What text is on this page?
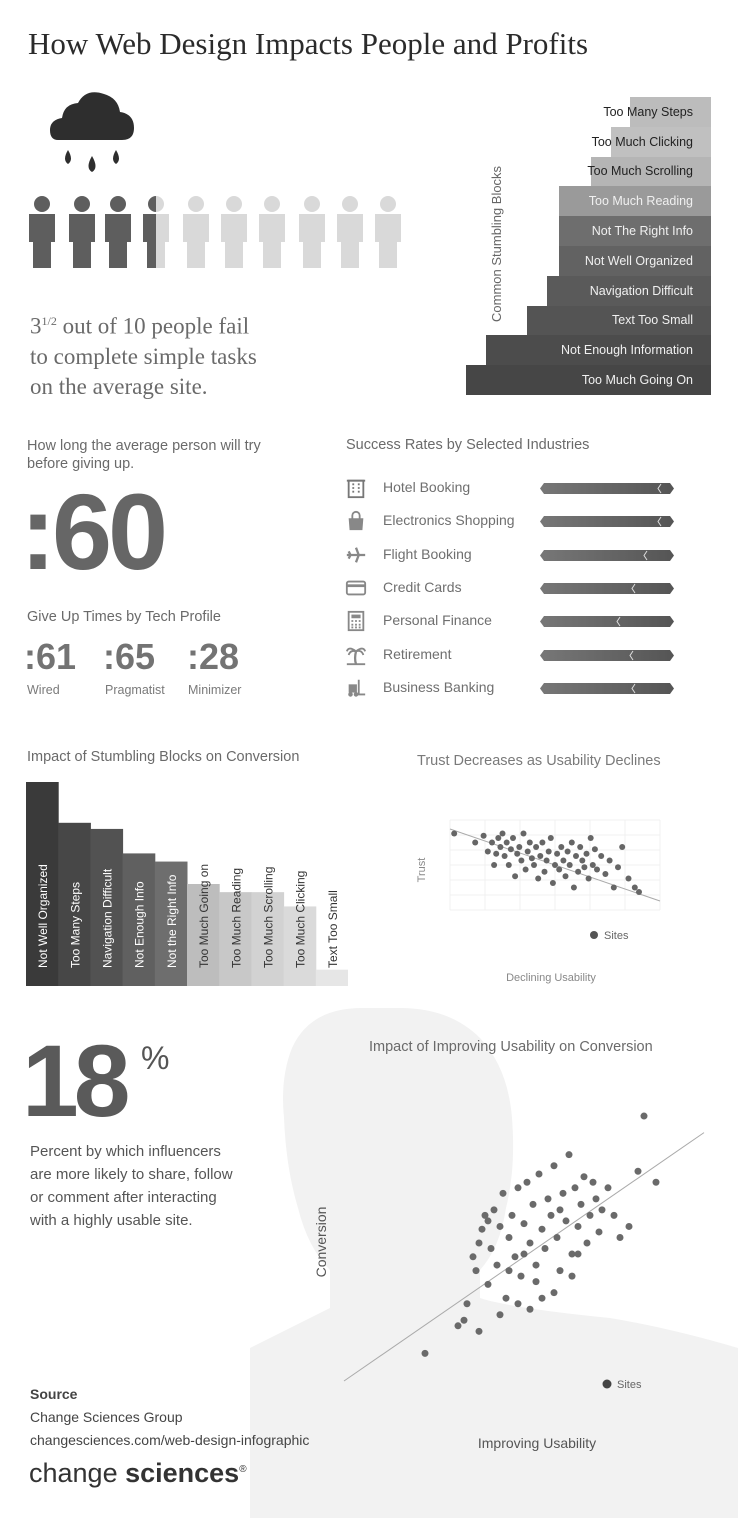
How Web Design Impacts People and Profits
$3^{1/2}$ out of 10 people fail
to complete simple tasks
on the average site.
Common Stumbling Blocks
Too Many Steps
Too Much Clicking
Too Much Scrolling
Too Much Reading
Not The Right Info
Not Well Organized
Navigation Difficult
Text Too Small
Not Enough Information
Too Much Going On
How long the average person will try before giving up.
:60
Give Up Times by Tech Profile
:61 :65 :28
Wired	Pragmatist Minimizer
Success Rates by Selected Industries
Hotel Booking
Electronics Shopping
Flight Booking
Credit Cards
Personal Finance
Retirement
Business Banking
Impact of Stumbling Blocks on Conversion
Not Well Organized Too Many Steps Navigation Difficult Not Enough Info Not the Right Info Too Much Going on Too Much Reading Too Much Scrolling Too Much Clicking Text Too Small
Trust Decreases as Usability Declines
Declining Usability
Trust
Sites
18 %
Percent by which influencers are more likely to share, follow or comment after interacting with a highly usable site.
Impact of Improving Usability on Conversion
Improving Usability
Conversion
Sites
Source
Change Sciences Group
changesciences.com/web-design-infographic
change sciences®
